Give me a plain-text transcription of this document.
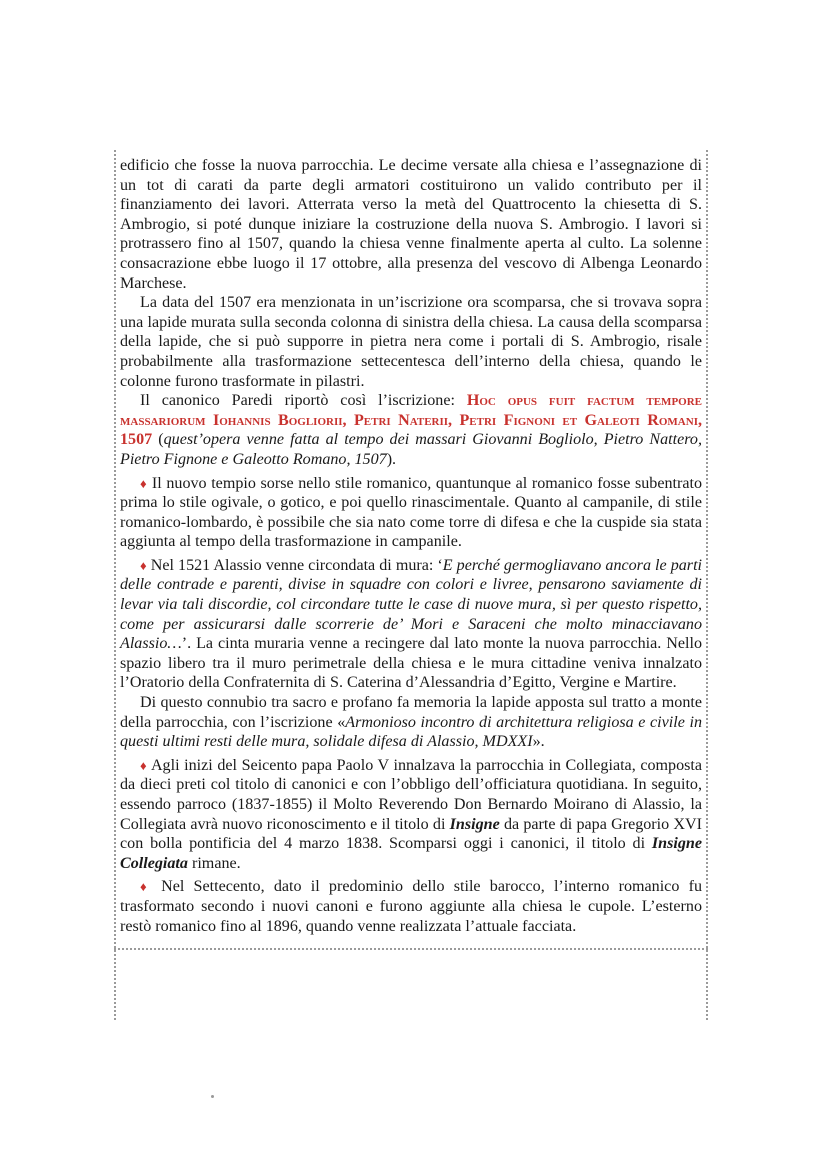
edificio che fosse la nuova parrocchia. Le decime versate alla chiesa e l’assegnazione di un tot di carati da parte degli armatori costituirono un valido contributo per il finanziamento dei lavori. Atterrata verso la metà del Quattrocento la chiesetta di S. Ambrogio, si poté dunque iniziare la costruzione della nuova S. Ambrogio. I lavori si protrassero fino al 1507, quando la chiesa venne finalmente aperta al culto. La solenne consacrazione ebbe luogo il 17 ottobre, alla presenza del vescovo di Albenga Leonardo Marchese.

La data del 1507 era menzionata in un’iscrizione ora scomparsa, che si trovava sopra una lapide murata sulla seconda colonna di sinistra della chiesa. La causa della scomparsa della lapide, che si può supporre in pietra nera come i portali di S. Ambrogio, risale probabilmente alla trasformazione settecentesca dell’interno della chiesa, quando le colonne furono trasformate in pilastri.

Il canonico Paredi riportò così l’iscrizione: Hoc opus fuit factum tempore massariorum Iohannis Bogliorii, Petri Naterii, Petri Fignoni et Galeoti Romani, 1507 (quest’opera venne fatta al tempo dei massari Giovanni Bogliolo, Pietro Nattero, Pietro Fignone e Galeotto Romano, 1507).

♦ Il nuovo tempio sorse nello stile romanico, quantunque al romanico fosse subentrato prima lo stile ogivale, o gotico, e poi quello rinascimentale. Quanto al campanile, di stile romanico-lombardo, è possibile che sia nato come torre di difesa e che la cuspide sia stata aggiunta al tempo della trasformazione in campanile.

♦ Nel 1521 Alassio venne circondata di mura: ‘E perché germogliavano ancora le parti delle contrade e parenti, divise in squadre con colori e livree, pensarono saviamente di levar via tali discordie, col circondare tutte le case di nuove mura, sì per questo rispetto, come per assicurarsi dalle scorrerie de’ Mori e Saraceni che molto minacciavano Alassio…’. La cinta muraria venne a recingere dal lato monte la nuova parrocchia. Nello spazio libero tra il muro perimetrale della chiesa e le mura cittadine veniva innalzato l’Oratorio della Confraternita di S. Caterina d’Alessandria d’Egitto, Vergine e Martire.

Di questo connubio tra sacro e profano fa memoria la lapide apposta sul tratto a monte della parrocchia, con l’iscrizione «Armonioso incontro di architettura religiosa e civile in questi ultimi resti delle mura, solidale difesa di Alassio, MDXXI».

♦ Agli inizi del Seicento papa Paolo V innalzava la parrocchia in Collegiata, composta da dieci preti col titolo di canonici e con l’obbligo dell’officiatura quotidiana. In seguito, essendo parroco (1837-1855) il Molto Reverendo Don Bernardo Moirano di Alassio, la Collegiata avrà nuovo riconoscimento e il titolo di Insigne da parte di papa Gregorio XVI con bolla pontificia del 4 marzo 1838. Scomparsi oggi i canonici, il titolo di Insigne Collegiata rimane.

♦ Nel Settecento, dato il predominio dello stile barocco, l’interno romanico fu trasformato secondo i nuovi canoni e furono aggiunte alla chiesa le cupole. L’esterno restò romanico fino al 1896, quando venne realizzata l’attuale facciata.
